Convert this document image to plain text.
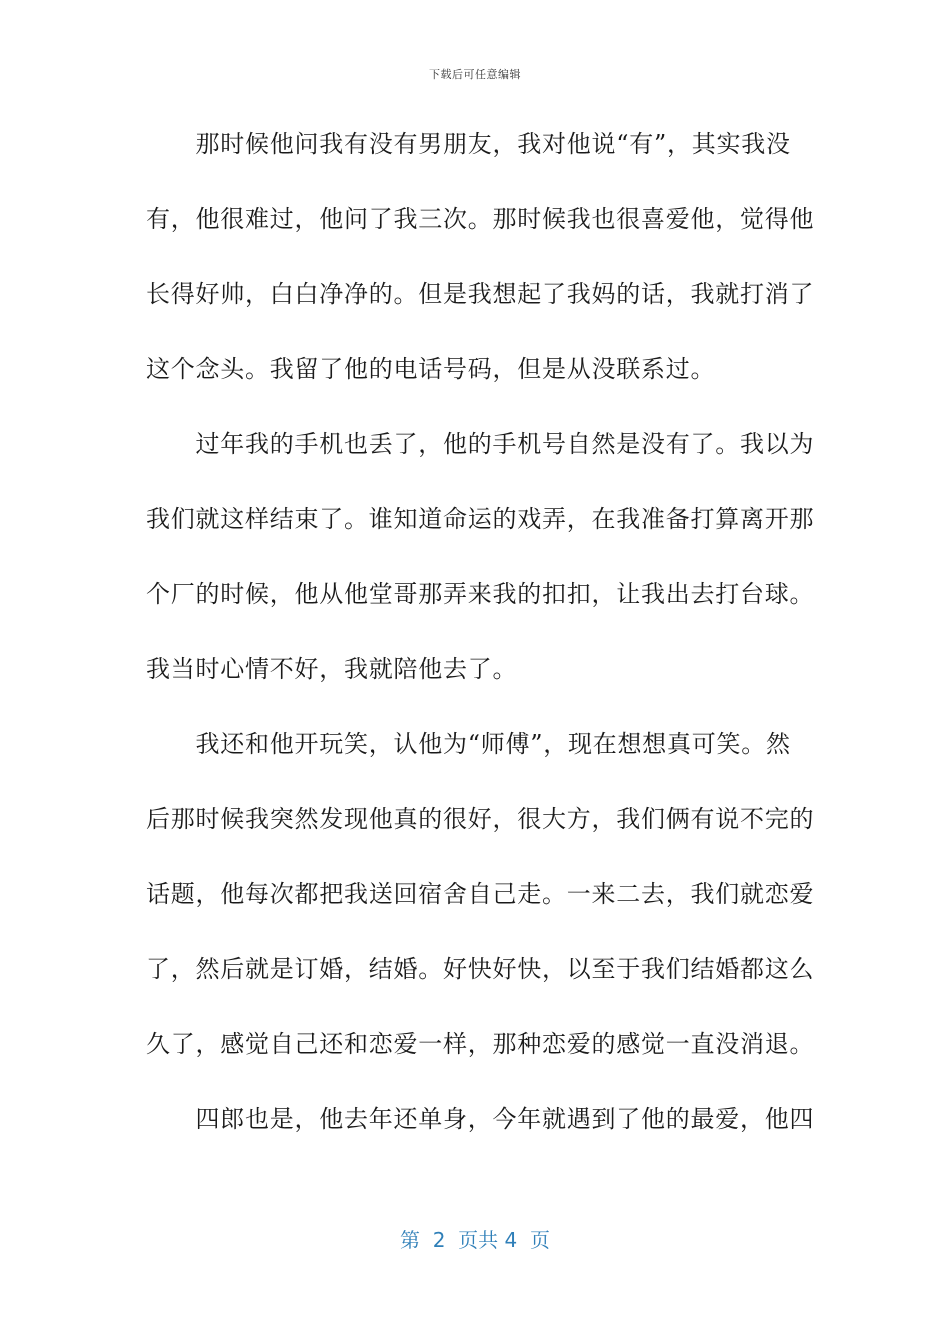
下载后可任意编辑
　　那时候他问我有没有男朋友，我对他说“有”，其实我没
有，他很难过，他问了我三次。那时候我也很喜爱他，觉得他
长得好帅，白白净净的。但是我想起了我妈的话，我就打消了
这个念头。我留了他的电话号码，但是从没联系过。
　　过年我的手机也丢了，他的手机号自然是没有了。我以为
我们就这样结束了。谁知道命运的戏弄，在我准备打算离开那
个厂的时候，他从他堂哥那弄来我的扣扣，让我出去打台球。
我当时心情不好，我就陪他去了。
　　我还和他开玩笑，认他为“师傅”，现在想想真可笑。然
后那时候我突然发现他真的很好，很大方，我们俩有说不完的
话题，他每次都把我送回宿舍自己走。一来二去，我们就恋爱
了，然后就是订婚，结婚。好快好快，以至于我们结婚都这么
久了，感觉自己还和恋爱一样，那种恋爱的感觉一直没消退。
　　四郎也是，他去年还单身，今年就遇到了他的最爱，他四
第  2  页共 4  页
